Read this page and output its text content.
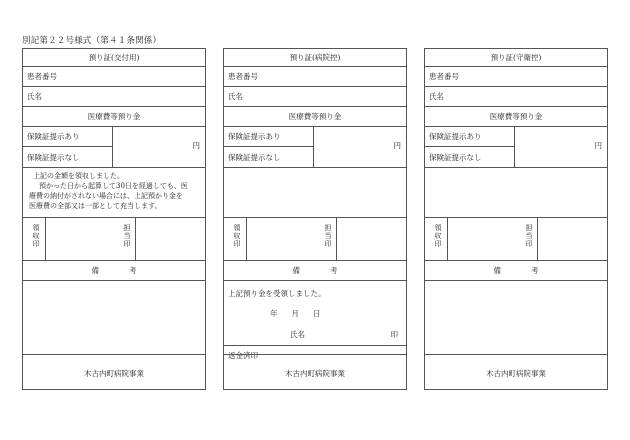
別記第２２号様式（第４１条関係）
預り証(交付用)
患者番号
氏名
医療費等預り金
保険証提示あり
保険証提示なし
円
上記の金額を領収しました。
預かった日から起算して30日を経過しても、医
療費の納付がされない場合には、上記預かり金を
医療費の全部又は一部として充当します。
領収印
担当印
備	考
木古内町病院事業
預り証(病院控)
患者番号
氏名
医療費等預り金
保険証提示あり
保険証提示なし
円
領収印
担当印
備	考
上記預り金を受領しました。
年 月 日
氏名	印
返金済印
木古内町病院事業
預り証(守衛控)
患者番号
氏名
医療費等預り金
保険証提示あり
保険証提示なし
円
領収印
担当印
備	考
木古内町病院事業
